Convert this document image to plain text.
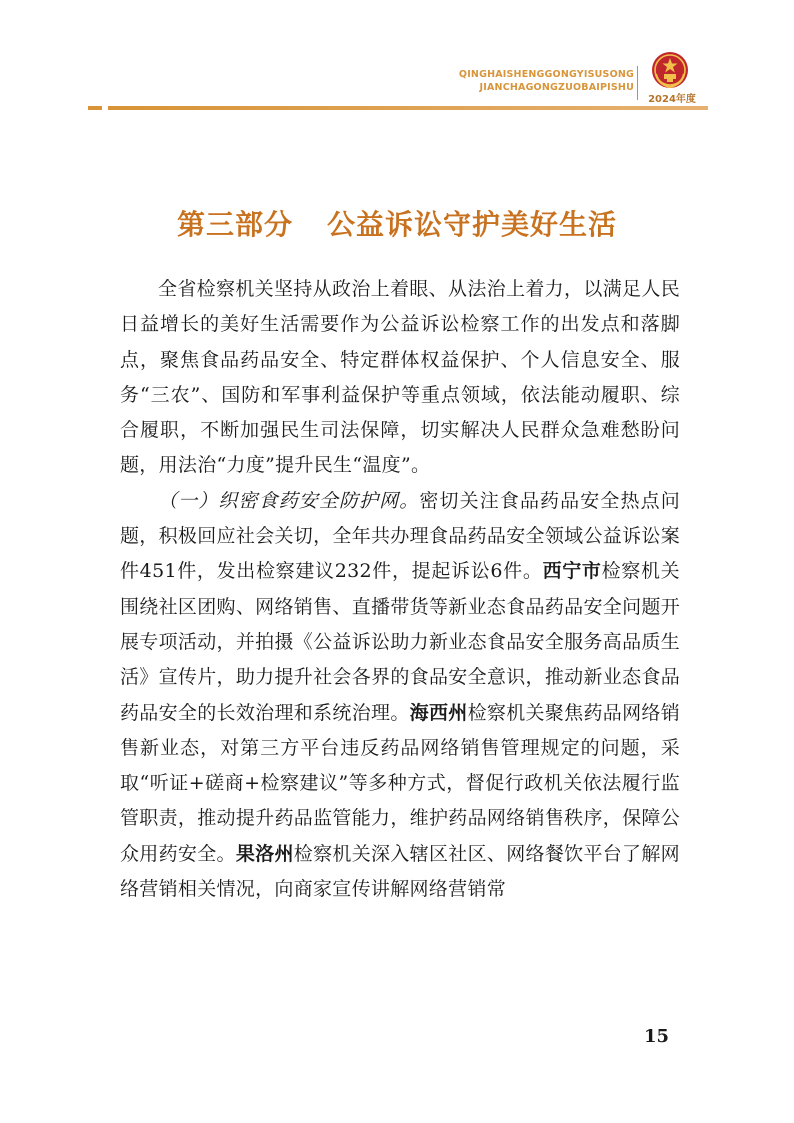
QINGHAISHENGGONGYISUSONG
JIANCHAGONGZUOBAIPISHU
2024年度
第三部分 公益诉讼守护美好生活

全省检察机关坚持从政治上着眼、从法治上着力，以满足人民日益增长的美好生活需要作为公益诉讼检察工作的出发点和落脚点，聚焦食品药品安全、特定群体权益保护、个人信息安全、服务“三农”、国防和军事利益保护等重点领域，依法能动履职、综合履职，不断加强民生司法保障，切实解决人民群众急难愁盼问题，用法治“力度”提升民生“温度”。

（一）织密食药安全防护网。密切关注食品药品安全热点问题，积极回应社会关切，全年共办理食品药品安全领域公益诉讼案件451件，发出检察建议232件，提起诉讼6件。西宁市检察机关围绕社区团购、网络销售、直播带货等新业态食品药品安全问题开展专项活动，并拍摄《公益诉讼助力新业态食品安全服务高品质生活》宣传片，助力提升社会各界的食品安全意识，推动新业态食品药品安全的长效治理和系统治理。海西州检察机关聚焦药品网络销售新业态，对第三方平台违反药品网络销售管理规定的问题，采取“听证+磋商+检察建议”等多种方式，督促行政机关依法履行监管职责，推动提升药品监管能力，维护药品网络销售秩序，保障公众用药安全。果洛州检察机关深入辖区社区、网络餐饮平台了解网络营销相关情况，向商家宣传讲解网络营销常

15
